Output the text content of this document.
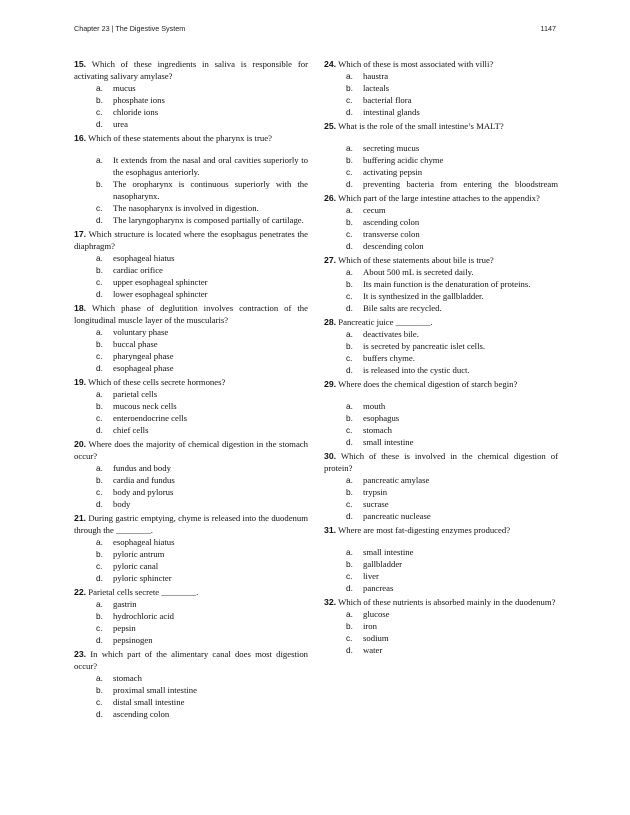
Chapter 23 | The Digestive System	1147

15. Which of these ingredients in saliva is responsible for activating salivary amylase?

a.	mucus
b.	phosphate ions
c.	chloride ions
d.	urea

16. Which of these statements about the pharynx is true?

a.	It extends from the nasal and oral cavities superiorly to the esophagus anteriorly.
b.	The oropharynx is continuous superiorly with the nasopharynx.
c.	The nasopharynx is involved in digestion.
d.	The laryngopharynx is composed partially of cartilage.

17. Which structure is located where the esophagus penetrates the diaphragm?

a.	esophageal hiatus
b.	cardiac orifice
c.	upper esophageal sphincter
d.	lower esophageal sphincter

18. Which phase of deglutition involves contraction of the longitudinal muscle layer of the muscularis?

a.	voluntary phase
b.	buccal phase
c.	pharyngeal phase
d.	esophageal phase

19. Which of these cells secrete hormones?

a.	parietal cells
b.	mucous neck cells
c.	enteroendocrine cells
d.	chief cells

20. Where does the majority of chemical digestion in the stomach occur?

a.	fundus and body
b.	cardia and fundus
c.	body and pylorus
d.	body

21. During gastric emptying, chyme is released into the duodenum through the ________.

a.	esophageal hiatus
b.	pyloric antrum
c.	pyloric canal
d.	pyloric sphincter

22. Parietal cells secrete ________.

a.	gastrin
b.	hydrochloric acid
c.	pepsin
d.	pepsinogen

23. In which part of the alimentary canal does most digestion occur?

a.	stomach
b.	proximal small intestine
c.	distal small intestine
d.	ascending colon

24. Which of these is most associated with villi?

a.	haustra
b.	lacteals
c.	bacterial flora
d.	intestinal glands

25. What is the role of the small intestine’s MALT?

a.	secreting mucus
b.	buffering acidic chyme
c.	activating pepsin
d.	preventing bacteria from entering the bloodstream

26. Which part of the large intestine attaches to the appendix?

a.	cecum
b.	ascending colon
c.	transverse colon
d.	descending colon

27. Which of these statements about bile is true?

a.	About 500 mL is secreted daily.
b.	Its main function is the denaturation of proteins.
c.	It is synthesized in the gallbladder.
d.	Bile salts are recycled.

28. Pancreatic juice ________.

a.	deactivates bile.
b.	is secreted by pancreatic islet cells.
c.	buffers chyme.
d.	is released into the cystic duct.

29. Where does the chemical digestion of starch begin?

a.	mouth
b.	esophagus
c.	stomach
d.	small intestine

30. Which of these is involved in the chemical digestion of protein?

a.	pancreatic amylase
b.	trypsin
c.	sucrase
d.	pancreatic nuclease

31. Where are most fat-digesting enzymes produced?

a.	small intestine
b.	gallbladder
c.	liver
d.	pancreas

32. Which of these nutrients is absorbed mainly in the duodenum?

a.	glucose
b.	iron
c.	sodium
d.	water
